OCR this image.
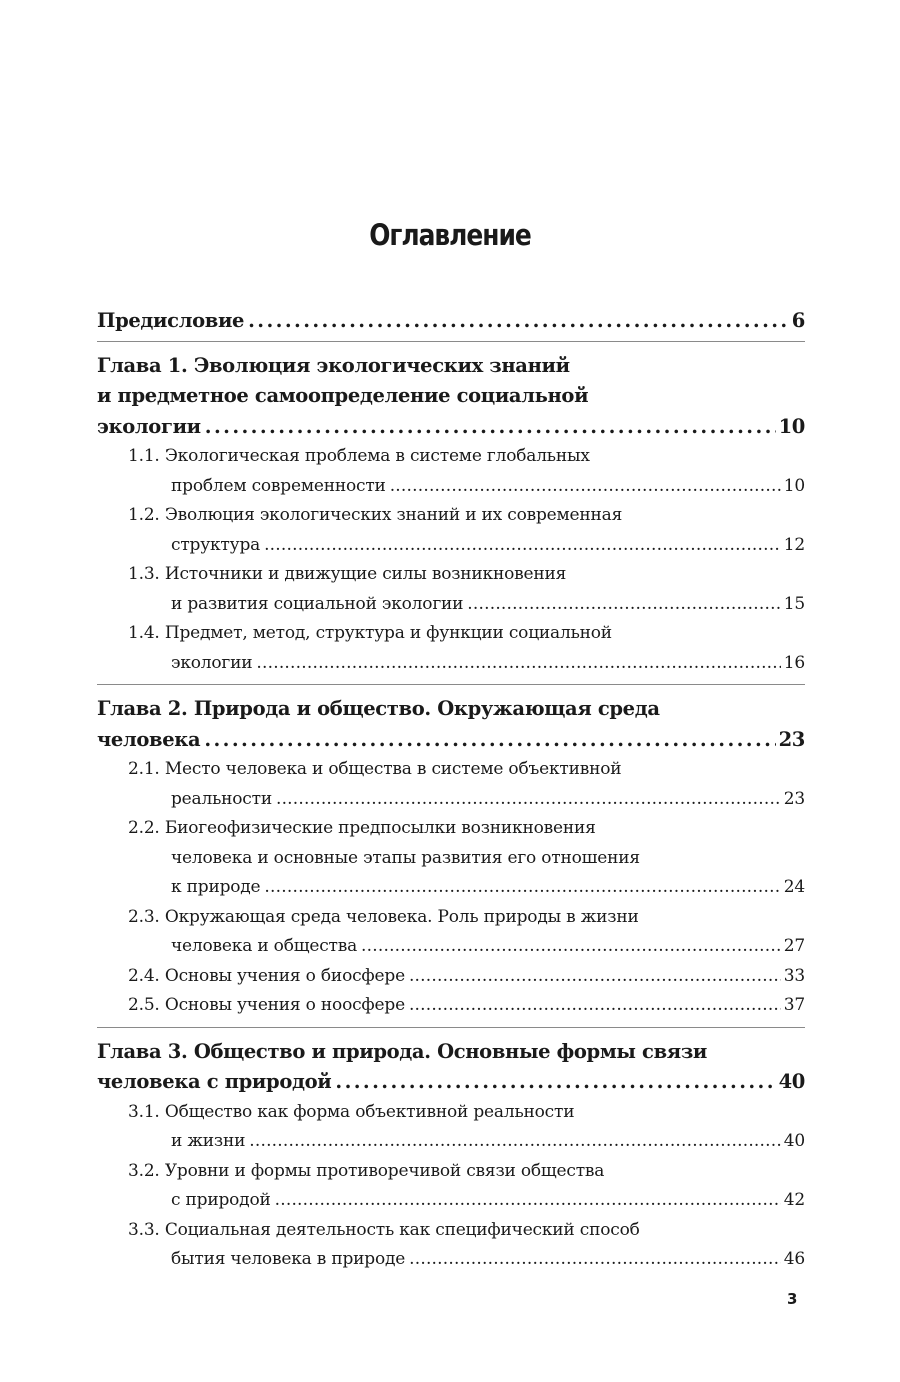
Оглавление
Предисловие . . .	6
Глава 1. Эволюция экологических знаний
и предметное самоопределение социальной
экологии . . .	10
1.1. Экологическая проблема в системе глобальных
проблем современности . . .	10
1.2. Эволюция экологических знаний и их современная
структура . . .	12
1.3. Источники и движущие силы возникновения
и развития социальной экологии . . .	15
1.4. Предмет, метод, структура и функции социальной
экологии . . .	16
Глава 2. Природа и общество. Окружающая среда
человека . . .	23
2.1. Место человека и общества в системе объективной
реальности . . .	23
2.2. Биогеофизические предпосылки возникновения
человека и основные этапы развития его отношения
к природе . . .	24
2.3. Окружающая среда человека. Роль природы в жизни
человека и общества . . .	27
2.4. Основы учения о биосфере . . .	33
2.5. Основы учения о ноосфере . . .	37
Глава 3. Общество и природа. Основные формы связи
человека с природой . . .	40
3.1. Общество как форма объективной реальности
и жизни . . .	40
3.2. Уровни и формы противоречивой связи общества
с природой . . .	42
3.3. Социальная деятельность как специфический способ
бытия человека в природе . . .	46
3
